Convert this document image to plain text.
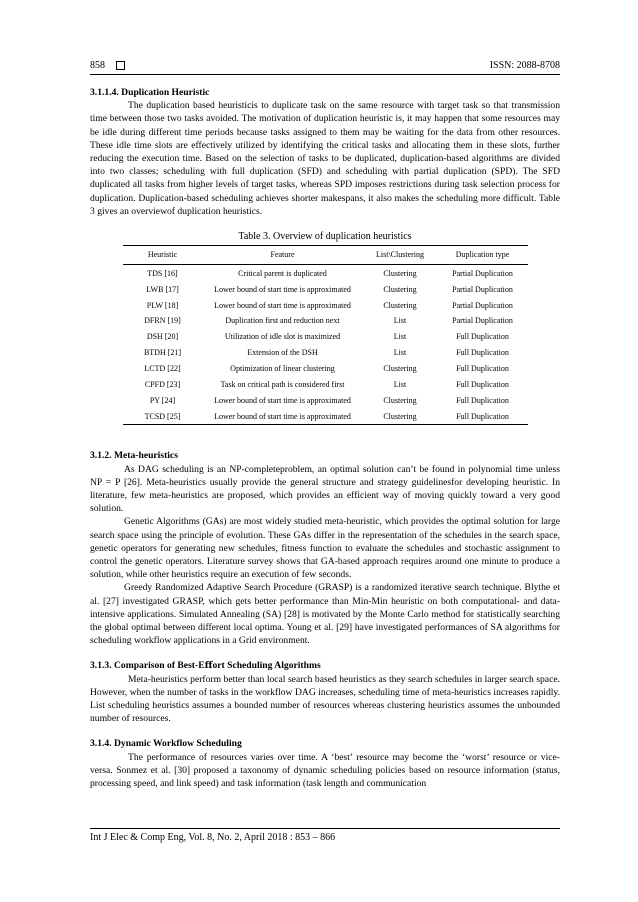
858	ISSN: 2088-8708
3.1.1.4. Duplication Heuristic

The duplication based heuristicis to duplicate task on the same resource with target task so that transmission time between those two tasks avoided. The motivation of duplication heuristic is, it may happen that some resources may be idle during different time periods because tasks assigned to them may be waiting for the data from other resources. These idle time slots are effectively utilized by identifying the critical tasks and allocating them in these slots, further reducing the execution time. Based on the selection of tasks to be duplicated, duplication-based algorithms are divided into two classes; scheduling with full duplication (SFD) and scheduling with partial duplication (SPD). The SFD duplicated all tasks from higher levels of target tasks, whereas SPD imposes restrictions during task selection process for duplication. Duplication-based scheduling achieves shorter makespans, it also makes the scheduling more difficult. Table 3 gives an overviewof duplication heuristics.

Table 3. Overview of duplication heuristics
Heuristic	Feature	List\Clustering	Duplication type
TDS [16]	Critical parent is duplicated	Clustering	Partial Duplication
LWB [17]	Lower bound of start time is approximated	Clustering	Partial Duplication
PLW [18]	Lower bound of start time is approximated	Clustering	Partial Duplication
DFRN [19]	Duplication first and reduction next	List	Partial Duplication
DSH [20]	Utilization of idle slot is maximized	List	Full Duplication
BTDH [21]	Extension of the DSH	List	Full Duplication
LCTD [22]	Optimization of linear clustering	Clustering	Full Duplication
CPFD [23]	Task on critical path is considered first	List	Full Duplication
PY [24]	Lower bound of start time is approximated	Clustering	Full Duplication
TCSD [25]	Lower bound of start time is approximated	Clustering	Full Duplication
3.1.2. Meta-heuristics

As DAG scheduling is an NP-completeproblem, an optimal solution can’t be found in polynomial time unless NP = P [26]. Meta-heuristics usually provide the general structure and strategy guidelinesfor developing heuristic. In literature, few meta-heuristics are proposed, which provides an efficient way of moving quickly toward a very good solution.

Genetic Algorithms (GAs) are most widely studied meta-heuristic, which provides the optimal solution for large search space using the principle of evolution. These GAs differ in the representation of the schedules in the search space, genetic operators for generating new schedules, fitness function to evaluate the schedules and stochastic assignment to control the genetic operators. Literature survey shows that GA-based approach requires around one minute to produce a solution, while other heuristics require an execution of few seconds.

Greedy Randomized Adaptive Search Procedure (GRASP) is a randomized iterative search technique. Blythe et al. [27] investigated GRASP, which gets better performance than Min-Min heuristic on both computational- and data-intensive applications. Simulated Annealing (SA) [28] is motivated by the Monte Carlo method for statistically searching the global optimal between different local optima. Young et al. [29] have investigated performances of SA algorithms for scheduling workflow applications in a Grid environment.

3.1.3. Comparison of Best-Eﬀort Scheduling Algorithms

Meta-heuristics perform better than local search based heuristics as they search schedules in larger search space. However, when the number of tasks in the workflow DAG increases, scheduling time of meta-heuristics increases rapidly. List scheduling heuristics assumes a bounded number of resources whereas clustering heuristics assumes the unbounded number of resources.

3.1.4. Dynamic Workflow Scheduling

The performance of resources varies over time. A ‘best’ resource may become the ‘worst’ resource or vice-versa. Sonmez et al. [30] proposed a taxonomy of dynamic scheduling policies based on resource information (status, processing speed, and link speed) and task information (task length and communication

Int J Elec & Comp Eng, Vol. 8, No. 2, April 2018 : 853 – 866
